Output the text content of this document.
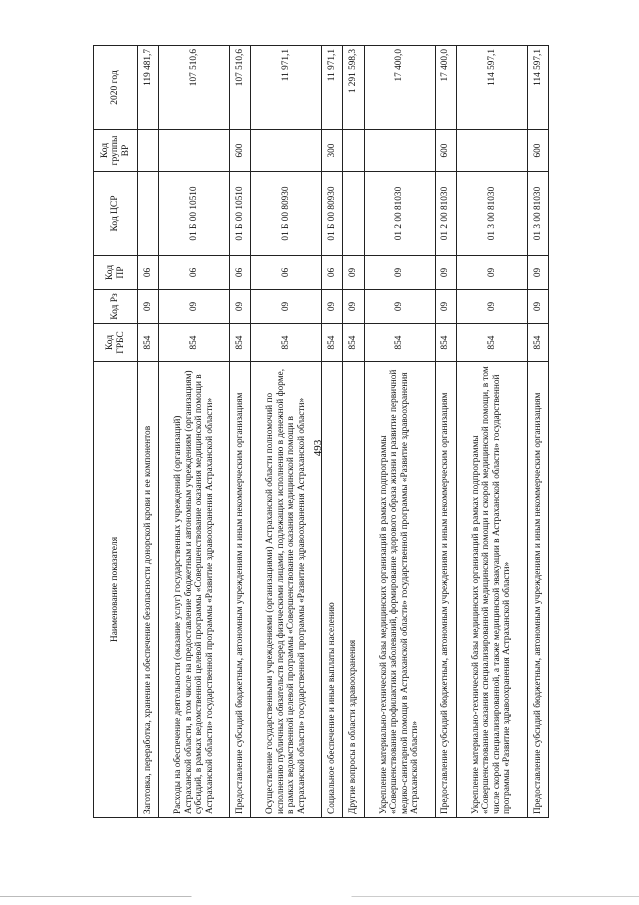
493
Наименование показателя	Код ГРБС	Код Рз	Код ПР	Код ЦСР	Код группы ВР	2020 год
Заготовка, переработка, хранение и обеспечение безопасности донорской крови и ее компонентов	854	09	06			119 481,7
Расходы на обеспечение деятельности (оказание услуг) государственных учреждений (организаций) Астраханской области, в том числе на предоставление бюджетным и автономным учреждениям (организациям) субсидий, в рамках ведомственной целевой программы «Совершенствование оказания медицинской помощи в Астраханской области» государственной программы «Развитие здравоохранения Астраханской области»	854	09	06	01 Б 00 10510		107 510,6
Предоставление субсидий бюджетным, автономным учреждениям и иным некоммерческим организациям	854	09	06	01 Б 00 10510	600	107 510,6
Осуществление государственными учреждениями (организациями) Астраханской области полномочий по исполнению публичных обязательств перед физическими лицами, подлежащих исполнению в денежной форме, в рамках ведомственной целевой программы «Совершенствование оказания медицинской помощи в Астраханской области» государственной программы «Развитие здравоохранения Астраханской области»	854	09	06	01 Б 00 80930		11 971,1
Социальное обеспечение и иные выплаты населению	854	09	06	01 Б 00 80930	300	11 971,1
Другие вопросы в области здравоохранения	854	09	09			1 291 598,3
Укрепление материально-технической базы медицинских организаций в рамках подпрограммы «Совершенствование профилактики заболеваний, формирование здорового образа жизни и развитие первичной медико-санитарной помощи в Астраханской области» государственной программы «Развитие здравоохранения Астраханской области»	854	09	09	01 2 00 81030		17 400,0
Предоставление субсидий бюджетным, автономным учреждениям и иным некоммерческим организациям	854	09	09	01 2 00 81030	600	17 400,0
Укрепление материально-технической базы медицинских организаций в рамках подпрограммы «Совершенствование оказания специализированной медицинской помощи и скорой медицинской помощи, в том числе скорой специализированной, а также медицинской эвакуации в Астраханской области» государственной программы «Развитие здравоохранения Астраханской области»	854	09	09	01 3 00 81030		114 597,1
Предоставление субсидий бюджетным, автономным учреждениям и иным некоммерческим организациям	854	09	09	01 3 00 81030	600	114 597,1
